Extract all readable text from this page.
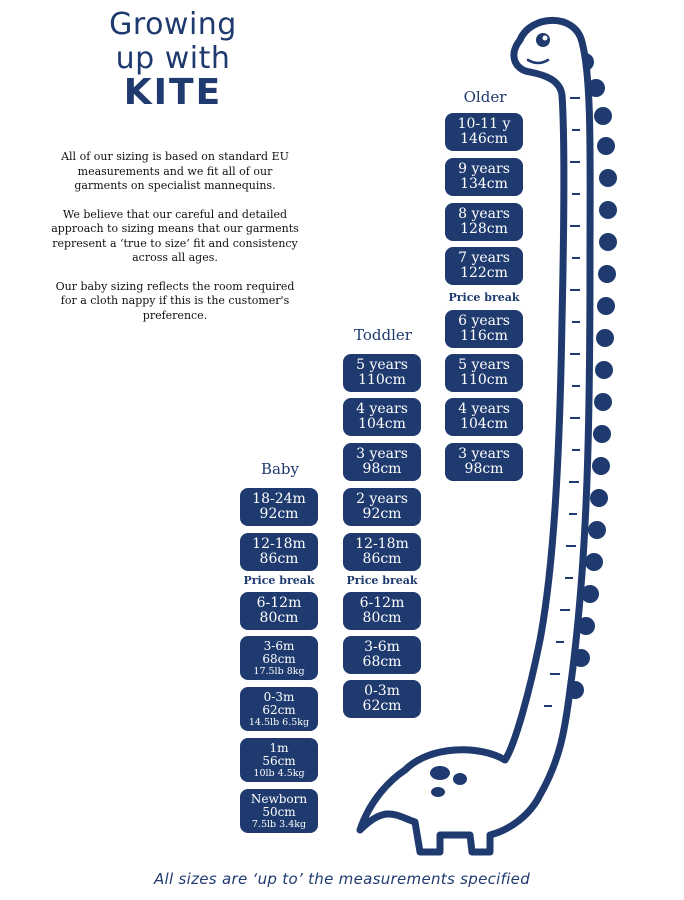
Growing
up with
KITE

All of our sizing is based on standard EU measurements and we fit all of our garments on specialist mannequins.

We believe that our careful and detailed approach to sizing means that our garments represent a ‘true to size’ fit and consistency across all ages.

Our baby sizing reflects the room required for a cloth nappy if this is the customer's preference.

Baby
18-24m
92cm
12-18m
86cm
Price break
6-12m
80cm
3-6m
68cm
17.5lb 8kg
0-3m
62cm
14.5lb 6.5kg
1m
56cm
10lb 4.5kg
Newborn
50cm
7.5lb 3.4kg
Toddler
5 years
110cm
4 years
104cm
3 years
98cm
2 years
92cm
12-18m
86cm
Price break
6-12m
80cm
3-6m
68cm
0-3m
62cm
Older
10-11 y
146cm
9 years
134cm
8 years
128cm
7 years
122cm
Price break
6 years
116cm
5 years
110cm
4 years
104cm
3 years
98cm
All sizes are ‘up to’ the measurements specified
